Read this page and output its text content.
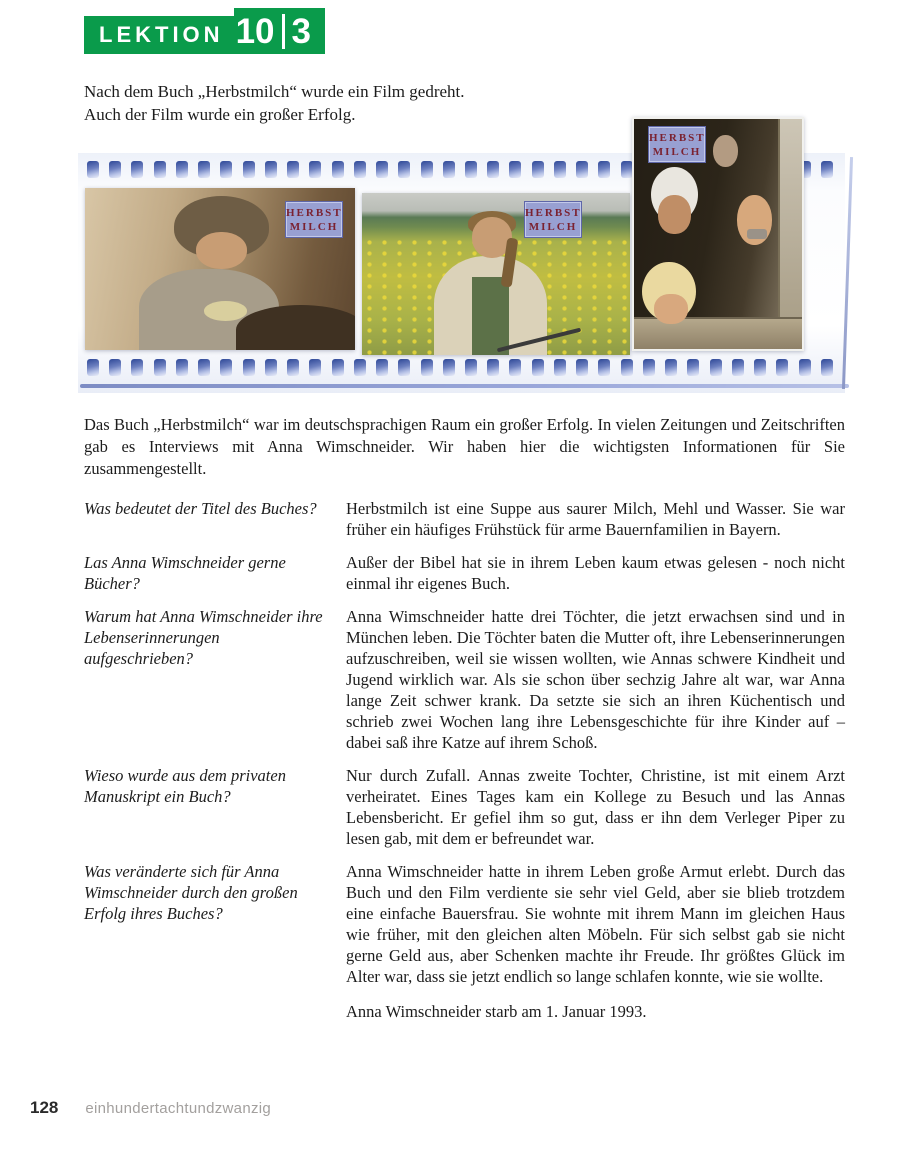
LEKTION 10 3
Nach dem Buch „Herbstmilch“ wurde ein Film gedreht.
Auch der Film wurde ein großer Erfolg.
HERBST
MILCH
HERBST
MILCH
HERBST
MILCH

Das Buch „Herbstmilch“ war im deutschsprachigen Raum ein großer Erfolg. In vielen Zeitungen und Zeitschriften gab es Interviews mit Anna Wimschneider. Wir haben hier die wichtigsten Informationen für Sie zusammengestellt.

Was bedeutet der Titel des Buches?	Herbstmilch ist eine Suppe aus saurer Milch, Mehl und Wasser. Sie war früher ein häufiges Frühstück für arme Bauernfamilien in Bayern.
Las Anna Wimschneider gerne Bücher?
Außer der Bibel hat sie in ihrem Leben kaum etwas gelesen - noch nicht einmal ihr eigenes Buch.
Warum hat Anna Wimschneider ihre Lebenserinnerungen aufgeschrieben?
Anna Wimschneider hatte drei Töchter, die jetzt erwachsen sind und in München leben. Die Töchter baten die Mutter oft, ihre Lebenserinnerungen aufzuschreiben, weil sie wissen wollten, wie Annas schwere Kindheit und Jugend wirklich war. Als sie schon über sechzig Jahre alt war, war Anna lange Zeit schwer krank. Da setzte sie sich an ihren Küchentisch und schrieb zwei Wochen lang ihre Lebensgeschichte für ihre Kinder auf – dabei saß ihre Katze auf ihrem Schoß.
Wieso wurde aus dem privaten Manuskript ein Buch?
Nur durch Zufall. Annas zweite Tochter, Christine, ist mit einem Arzt verheiratet. Eines Tages kam ein Kollege zu Besuch und las Annas Lebensbericht. Er gefiel ihm so gut, dass er ihn dem Verleger Piper zu lesen gab, mit dem er befreundet war.
Was veränderte sich für Anna Wimschneider durch den großen Erfolg ihres Buches?
Anna Wimschneider hatte in ihrem Leben große Armut erlebt. Durch das Buch und den Film verdiente sie sehr viel Geld, aber sie blieb trotzdem eine einfache Bauersfrau. Sie wohnte mit ihrem Mann im gleichen Haus wie früher, mit den gleichen alten Möbeln. Für sich selbst gab sie nicht gerne Geld aus, aber Schenken machte ihr Freude. Ihr größtes Glück im Alter war, dass sie jetzt endlich so lange schlafen konnte, wie sie wollte.
Anna Wimschneider starb am 1. Januar 1993.
128 einhundertachtundzwanzig
